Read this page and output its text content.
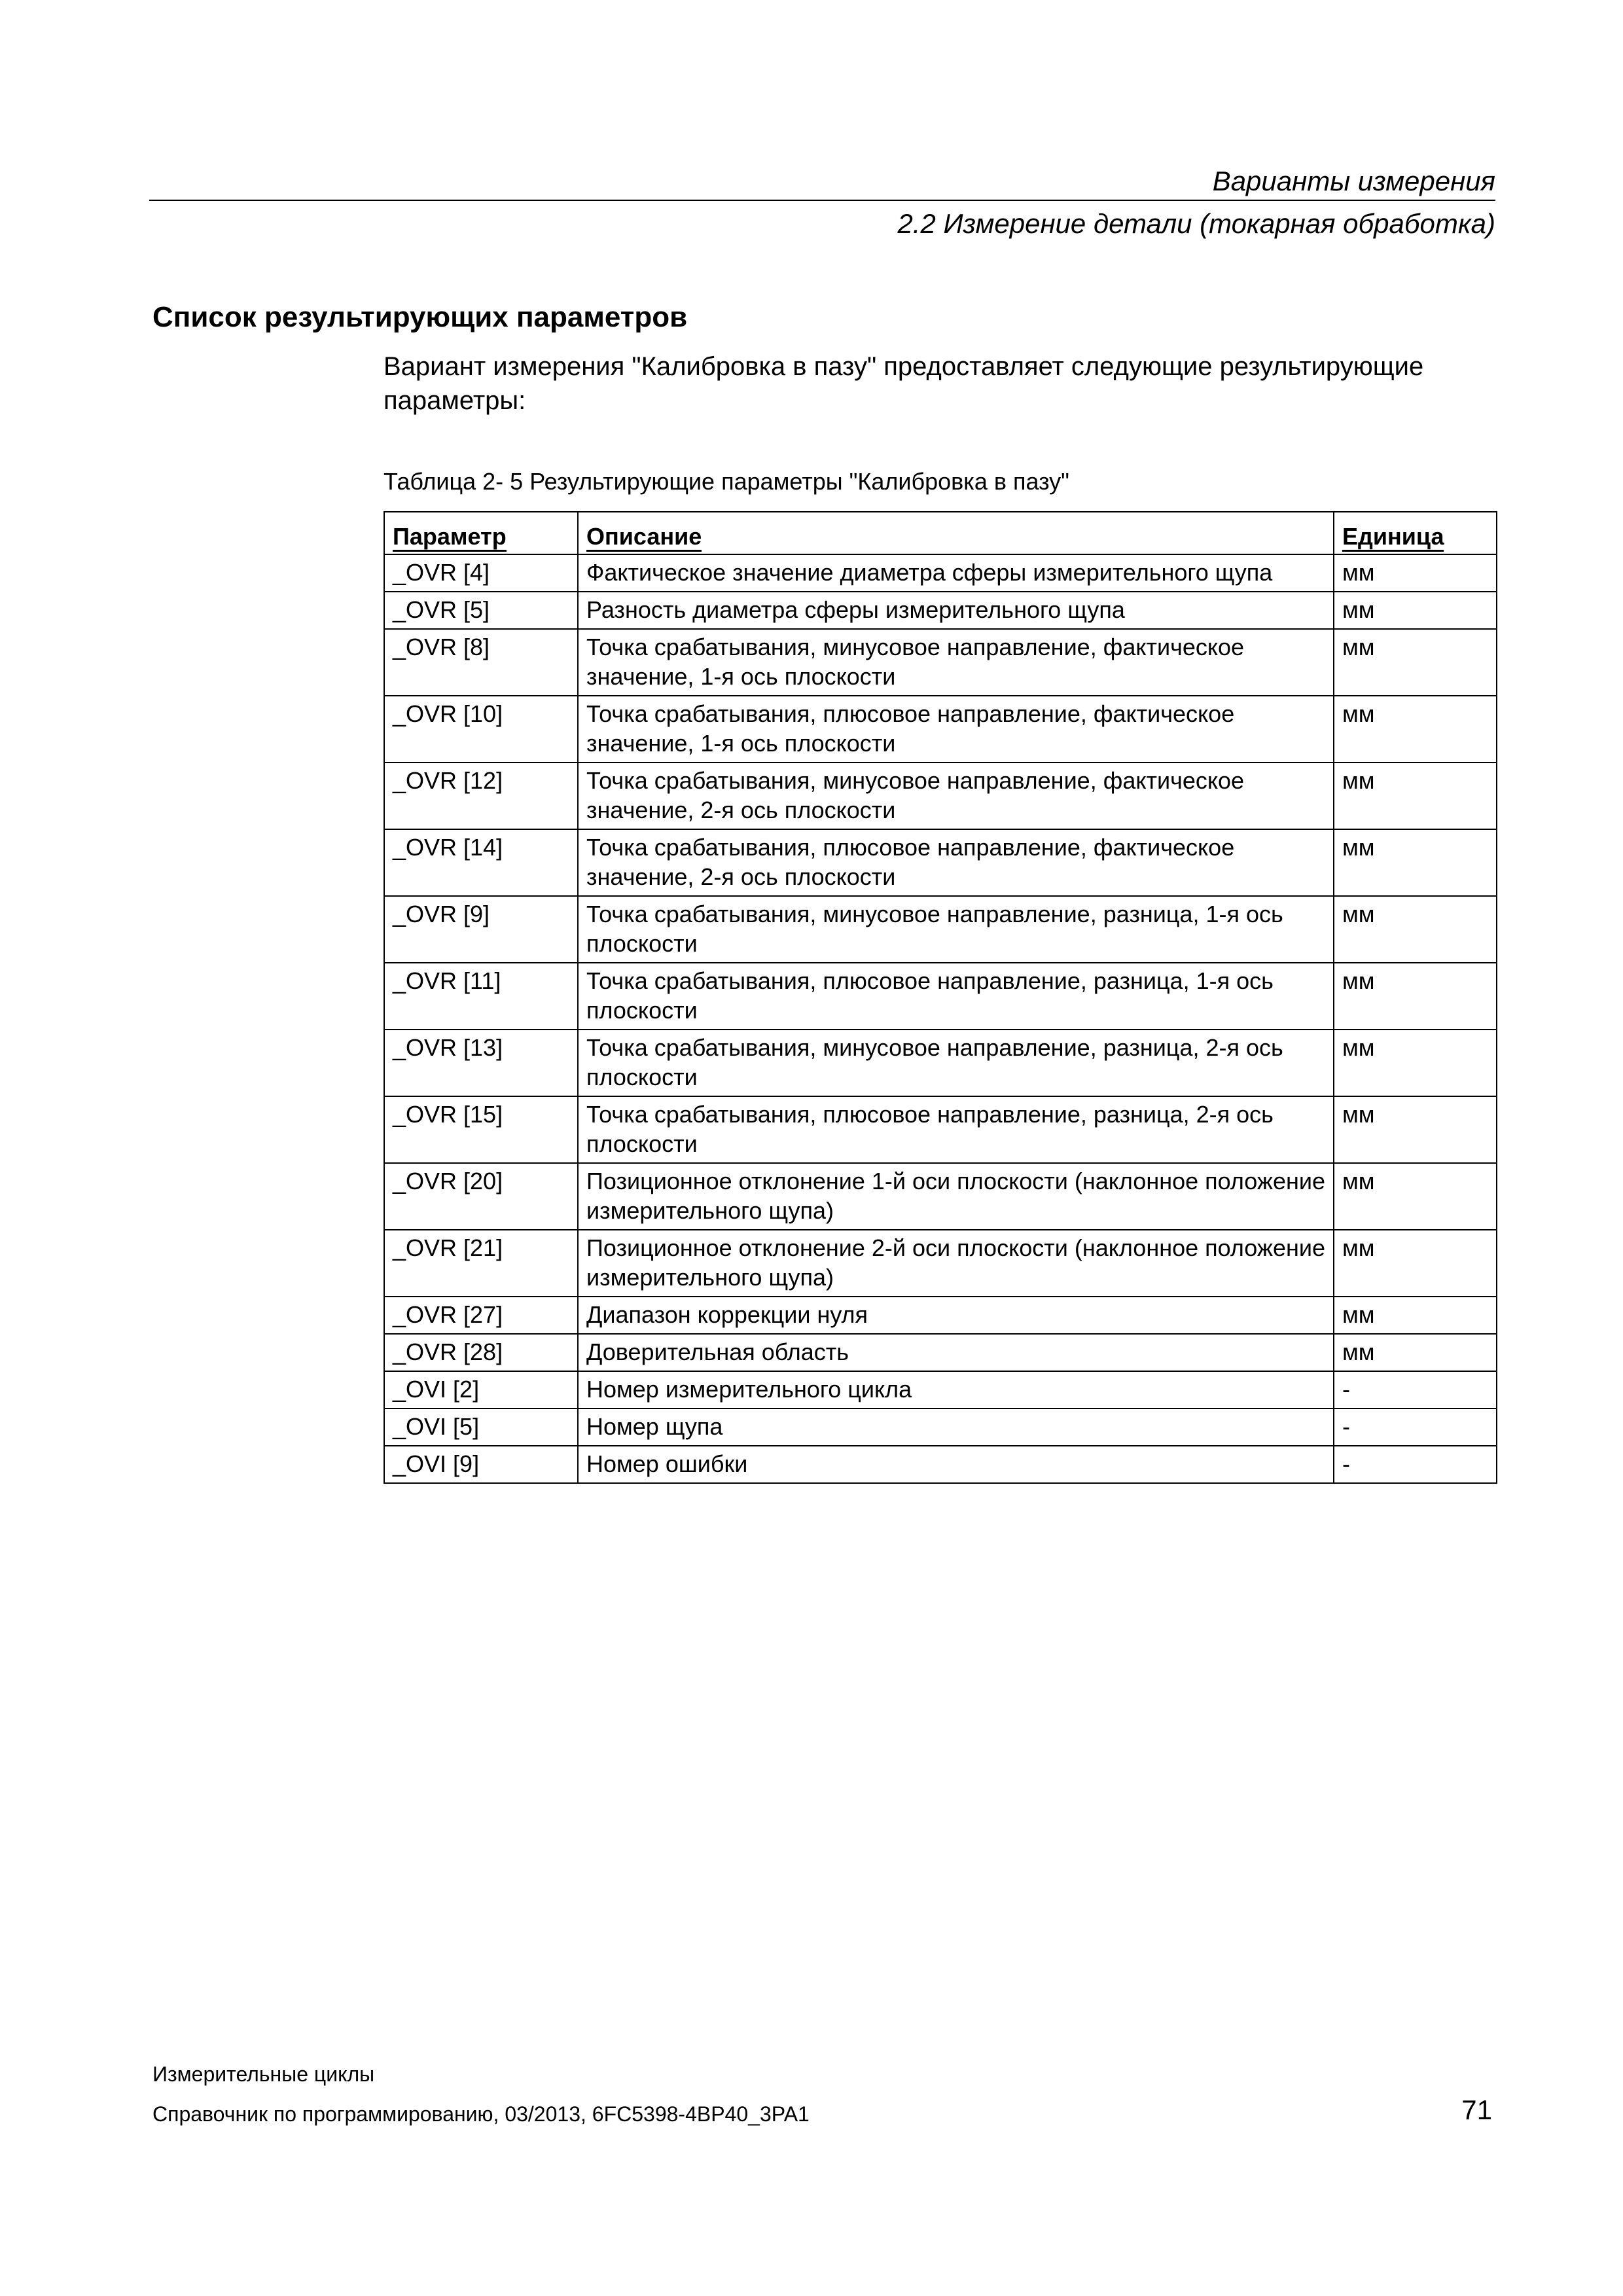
Варианты измерения
2.2 Измерение детали (токарная обработка)
Список результирующих параметров
Вариант измерения "Калибровка в пазу" предоставляет следующие результирующие параметры:
Таблица 2- 5 Результирующие параметры "Калибровка в пазу"
Параметр	Описание	Единица
_OVR [4]	Фактическое значение диаметра сферы измерительного щупа	мм
_OVR [5]	Разность диаметра сферы измерительного щупа	мм
_OVR [8]	Точка срабатывания, минусовое направление, фактическое значение, 1-я ось плоскости	мм
_OVR [10]	Точка срабатывания, плюсовое направление, фактическое значение, 1-я ось плоскости	мм
_OVR [12]	Точка срабатывания, минусовое направление, фактическое значение, 2-я ось плоскости	мм
_OVR [14]	Точка срабатывания, плюсовое направление, фактическое значение, 2-я ось плоскости	мм
_OVR [9]	Точка срабатывания, минусовое направление, разница, 1-я ось плоскости	мм
_OVR [11]	Точка срабатывания, плюсовое направление, разница, 1-я ось плоскости	мм
_OVR [13]	Точка срабатывания, минусовое направление, разница, 2-я ось плоскости	мм
_OVR [15]	Точка срабатывания, плюсовое направление, разница, 2-я ось плоскости	мм
_OVR [20]	Позиционное отклонение 1-й оси плоскости (наклонное положение измерительного щупа)	мм
_OVR [21]	Позиционное отклонение 2-й оси плоскости (наклонное положение измерительного щупа)	мм
_OVR [27]	Диапазон коррекции нуля	мм
_OVR [28]	Доверительная область	мм
_OVI [2]	Номер измерительного цикла	-
_OVI [5]	Номер щупа	-
_OVI [9]	Номер ошибки	-
Измерительные циклы
Справочник по программированию, 03/2013, 6FC5398-4BP40_3PA1	71
